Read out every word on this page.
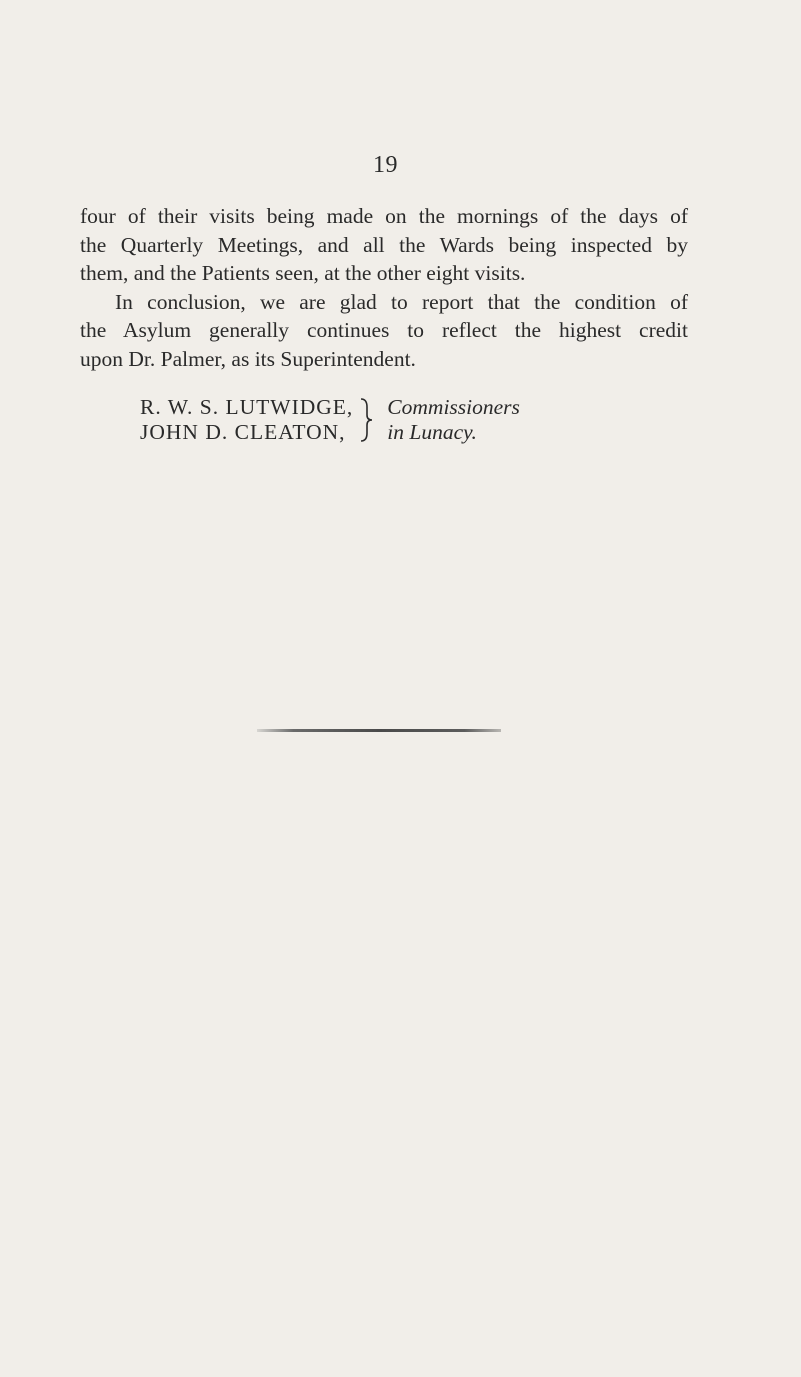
19

four of their visits being made on the mornings of the days of

the Quarterly Meetings, and all the Wards being inspected by

them, and the Patients seen, at the other eight visits.

In conclusion, we are glad to report that the condition of

the Asylum generally continues to reflect the highest credit

upon Dr. Palmer, as its Superintendent.

R. W. S. LUTWIDGE,
JOHN D. CLEATON,
Commissioners
in Lunacy.
